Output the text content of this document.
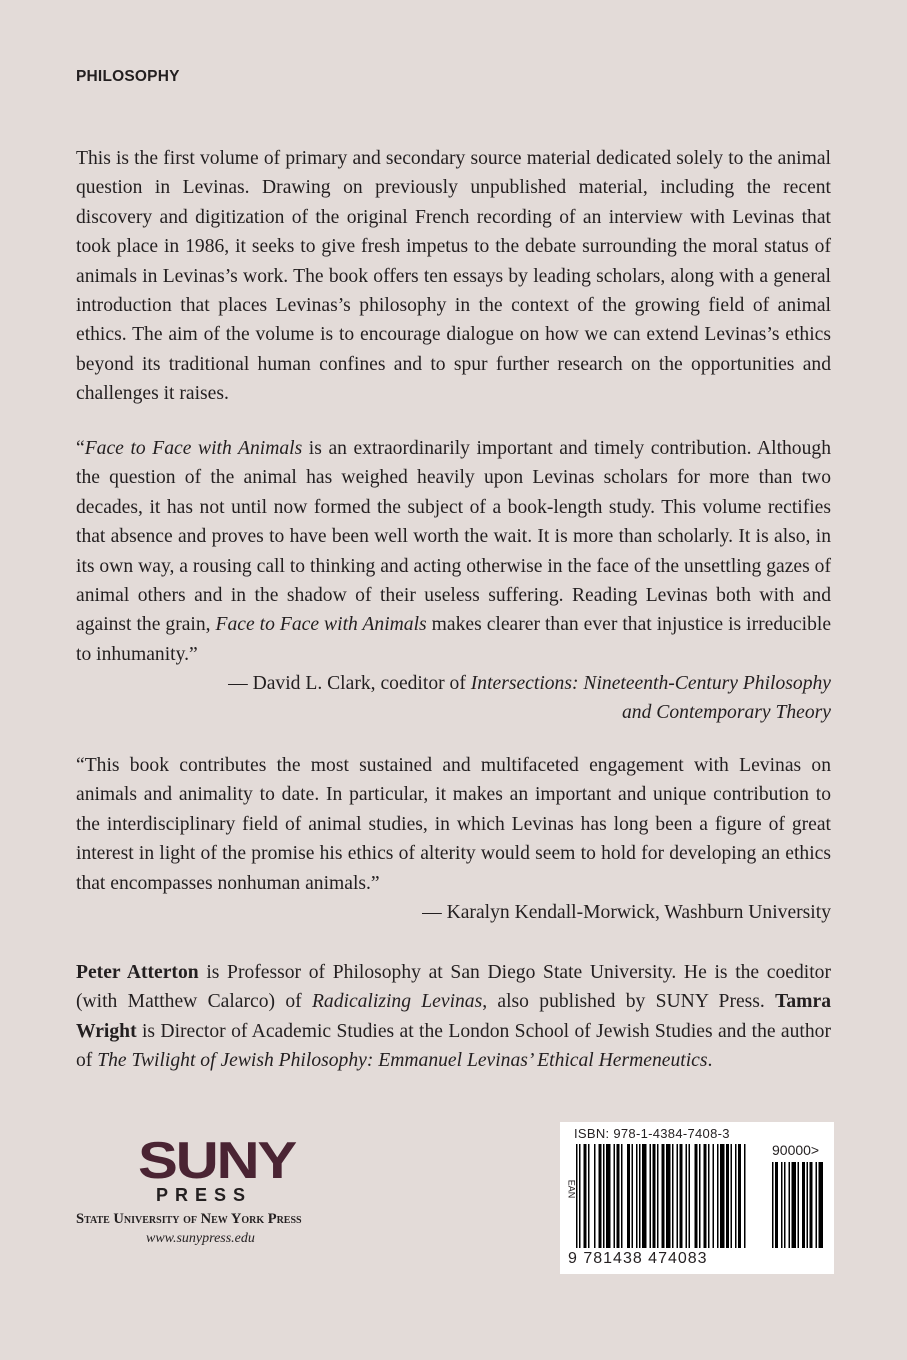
PHILOSOPHY
This is the first volume of primary and secondary source material dedicated solely to the animal question in Levinas. Drawing on previously unpublished material, including the recent discovery and digitization of the original French recording of an interview with Levinas that took place in 1986, it seeks to give fresh impetus to the debate surrounding the moral status of animals in Levinas’s work. The book offers ten essays by leading scholars, along with a general introduction that places Levinas’s philosophy in the context of the growing field of animal ethics. The aim of the volume is to encourage dialogue on how we can extend Levinas’s ethics beyond its traditional human confines and to spur further research on the opportunities and challenges it raises.
“Face to Face with Animals is an extraordinarily important and timely contribution. Although the question of the animal has weighed heavily upon Levinas scholars for more than two decades, it has not until now formed the subject of a book-length study. This volume rectifies that absence and proves to have been well worth the wait. It is more than scholarly. It is also, in its own way, a rousing call to thinking and acting otherwise in the face of the unsettling gazes of animal others and in the shadow of their useless suffering. Reading Levinas both with and against the grain, Face to Face with Animals makes clearer than ever that injustice is irreducible to inhumanity.”
— David L. Clark, coeditor of Intersections: Nineteenth-Century Philosophy and Contemporary Theory
“This book contributes the most sustained and multifaceted engagement with Levinas on animals and animality to date. In particular, it makes an important and unique contribution to the interdisciplinary field of animal studies, in which Levinas has long been a figure of great interest in light of the promise his ethics of alterity would seem to hold for developing an ethics that encompasses nonhuman animals.”
— Karalyn Kendall-Morwick, Washburn University
Peter Atterton is Professor of Philosophy at San Diego State University. He is the coeditor (with Matthew Calarco) of Radicalizing Levinas, also published by SUNY Press. Tamra Wright is Director of Academic Studies at the London School of Jewish Studies and the author of The Twilight of Jewish Philosophy: Emmanuel Levinas’ Ethical Hermeneutics.
SUNY
PRESS
State University of New York Press
www.sunypress.edu
ISBN: 978-1-4384-7408-3
EAN
90000>
9 781438 474083
